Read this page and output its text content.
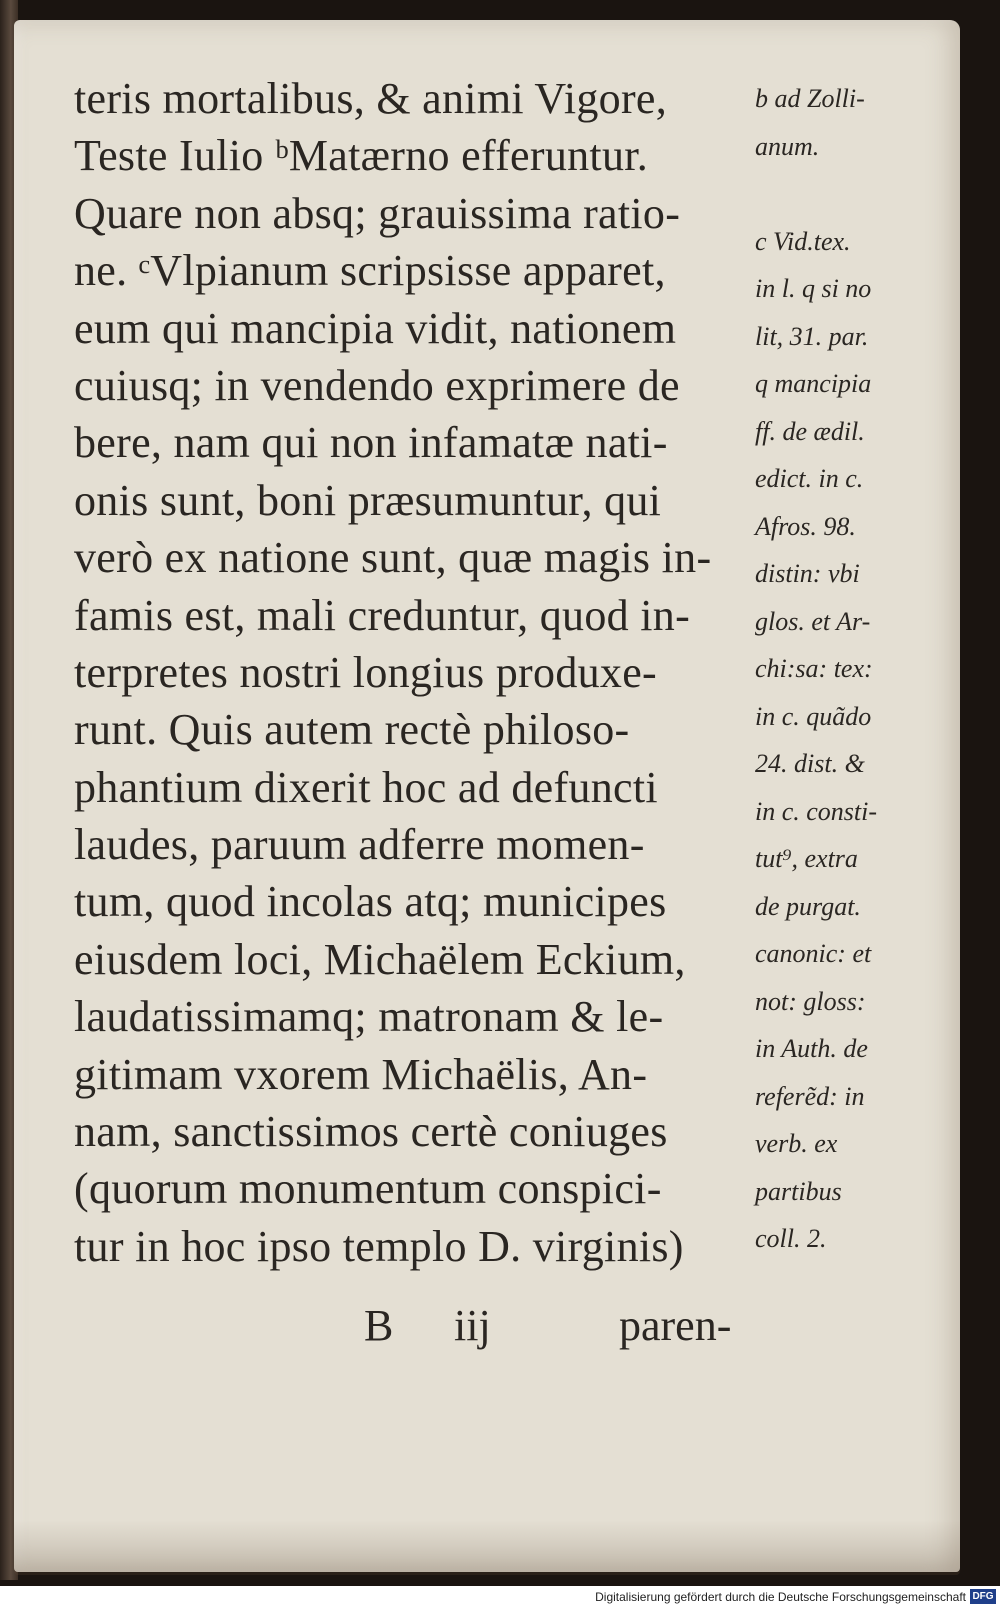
teris mortalibus, & animi Vigore,
Teste Iulio ᵇMatærno efferuntur.
Quare non absq; grauissima ratio-
ne. ᶜVlpianum scripsisse apparet,
eum qui mancipia vidit, nationem
cuiusq; in vendendo exprimere de
bere, nam qui non infamatæ nati-
onis sunt, boni præsumuntur, qui
verò ex natione sunt, quæ magis in-
famis est, mali creduntur, quod in-
terpretes nostri longius produxe-
runt. Quis autem rectè philoso-
phantium dixerit hoc ad defuncti
laudes, paruum adferre momen-
tum, quod incolas atq; municipes
eiusdem loci, Michaëlem Eckium,
laudatissimamq; matronam & le-
gitimam vxorem Michaëlis, An-
nam, sanctissimos certè coniuges
(quorum monumentum conspici-
tur in hoc ipso templo D. virginis)
B iij	paren-
b ad Zolli-
anum.
c Vid.tex.
in l. q si no
lit, 31. par.
q mancipia
ff. de ædil.
edict. in c.
Afros. 98.
distin: vbi
glos. et Ar-
chi:sa: tex:
in c. quãdo
24. dist. &
in c. consti-
tut⁹, extra
de purgat.
canonic: et
not: gloss:
in Auth. de
referẽd: in
verb. ex
partibus
coll. 2.
Digitalisierung gefördert durch die Deutsche Forschungsgemeinschaft DFG
